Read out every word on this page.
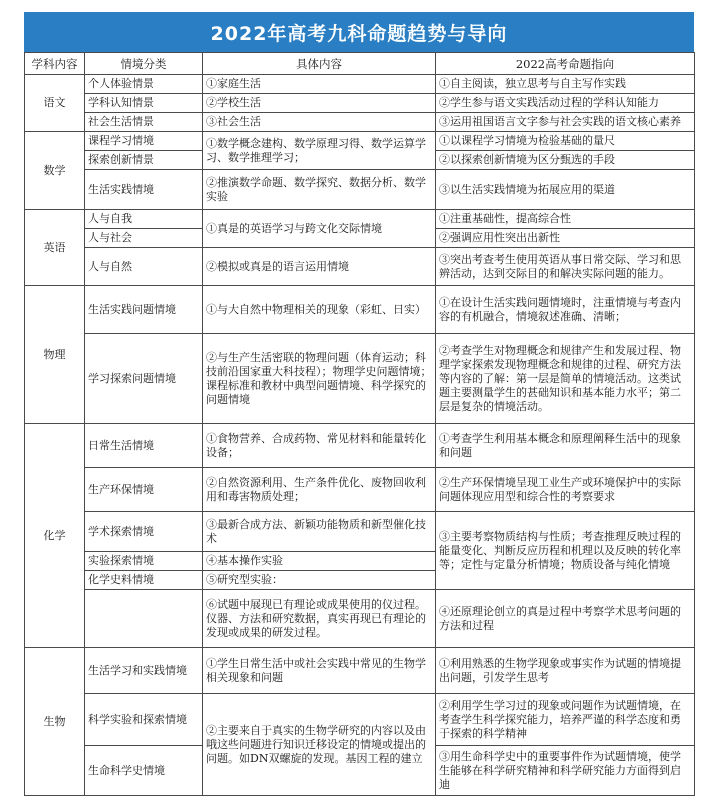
2022年高考九科命题趋势与导向
学科内容	情境分类	具体内容	2022高考命题指向
语文	个人体验情景	①家庭生活	①自主阅读，独立思考与自主写作实践
	学科认知情景	②学校生活	②学生参与语文实践活动过程的学科认知能力
	社会生活情景	③社会生活	③运用祖国语言文字参与社会实践的语文核心素养
数学	课程学习情境	①数学概念建构、数学原理习得、数学运算学习、数学推理学习；	①以课程学习情境为检验基础的量尺
	探索创新情景		②以探索创新情境为区分甄选的手段
	生活实践情境	②推演数学命题、数学探究、数据分析、数学实验	③以生活实践情境为拓展应用的渠道
英语	人与自我	①真是的英语学习与跨文化交际情境	①注重基础性，提高综合性
	人与社会		②强调应用性突出出新性
	人与自然	②模拟或真是的语言运用情境	③突出考查考生使用英语从事日常交际、学习和思辨活动，达到交际目的和解决实际问题的能力。
物理	生活实践问题情境	①与大自然中物理相关的现象（彩虹、日实）	①在设计生活实践问题情境时，注重情境与考查内容的有机融合，情境叙述准确、清晰；
	学习探索问题情境	②与生产生活密联的物理问题（体育运动；科技前沿国家重大科技程）；物理学史问题情境；课程标准和教材中典型问题情境、科学探究的问题情境	②考查学生对物理概念和规律产生和发展过程、物理学家探索发现物理概念和规律的过程、研究方法等内容的了解：第一层是简单的情境活动。这类试题主要测量学生的甚础知识和基本能力水平；第二层是复杂的情境活动。
化学	日常生活情境	①食物营养、合成药物、常见材料和能量转化设备；	①考查学生利用基本概念和原理阐释生活中的现象和问题
	生产环保情境	②自然资源利用、生产条件优化、废物回收利用和毒害物质处理；	②生产环保情境呈现工业生产或环境保护中的实际问题体现应用型和综合性的考察要求
	学术探索情境	③最新合成方法、新颖功能物质和新型催化技术	③主要考察物质结构与性质；考查推理反映过程的能量变化、判断反应历程和机理以及反映的转化率等；定性与定量分析情境；物质设备与纯化情境
	实验探索情境	④基本操作实验	
	化学史料情境	⑤研究型实验：	
		⑥试题中展现已有理论或成果使用的仪过程。仪器、方法和研究数据，真实再现已有理论的发现或成果的研发过程。	④还原理论创立的真是过程中考察学术思考问题的方法和过程
生物	生活学习和实践情境	①学生日常生活中或社会实践中常见的生物学相关现象和问题	①利用熟悉的生物学现象或事实作为试题的情境提出问题，引发学生思考
	科学实验和探索情境	②主要来自于真实的生物学研究的内容以及由哦这些问题进行知识迁移设定的情境或提出的问题。如DN双螺旋的发现。基因工程的建立	②利用学生学习过的现象或问题作为试题情境，在考查学生科学探究能力，培养严谨的科学态度和勇于探索的科学精神
	生命科学史情境		③用生命科学史中的重要事件作为试题情境，使学生能够在科学研究精神和科学研究能力方面得到启迪
